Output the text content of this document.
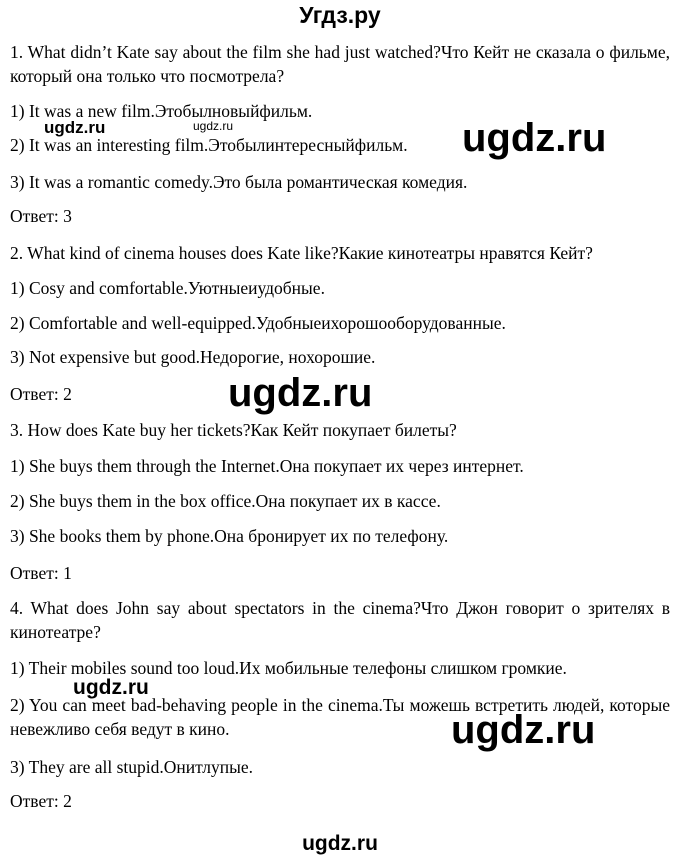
Угдз.ру
1. What didn’t Kate say about the film she had just watched?Что Кейт не сказала о фильме, который она только что посмотрела?
1) It was a new film.Этобылновыйфильм.
2) It was an interesting film.Этобылинтересныйфильм.
3) It was a romantic comedy.Это была романтическая комедия.
Ответ: 3
2. What kind of cinema houses does Kate like?Какие кинотеатры нравятся Кейт?
1) Cosy and comfortable.Уютныеиудобные.
2) Comfortable and well-equipped.Удобныеихорошооборудованные.
3) Not expensive but good.Недорогие, нохорошие.
Ответ: 2
3. How does Kate buy her tickets?Как Кейт покупает билеты?
1) She buys them through the Internet.Она покупает их через интернет.
2) She buys them in the box office.Она покупает их в кассе.
3) She books them by phone.Она бронирует их по телефону.
Ответ: 1
4. What does John say about spectators in the cinema?Что Джон говорит о зрителях в кинотеатре?
1) Their mobiles sound too loud.Их мобильные телефоны слишком громкие.
2) You can meet bad-behaving people in the cinema.Ты можешь встретить людей, которые невежливо себя ведут в кино.
3) They are all stupid.Онитлупые.
Ответ: 2
ugdz.ru	ugdz.ru	ugdz.ru
ugdz.ru
ugdz.ru
ugdz.ru
ugdz.ru
